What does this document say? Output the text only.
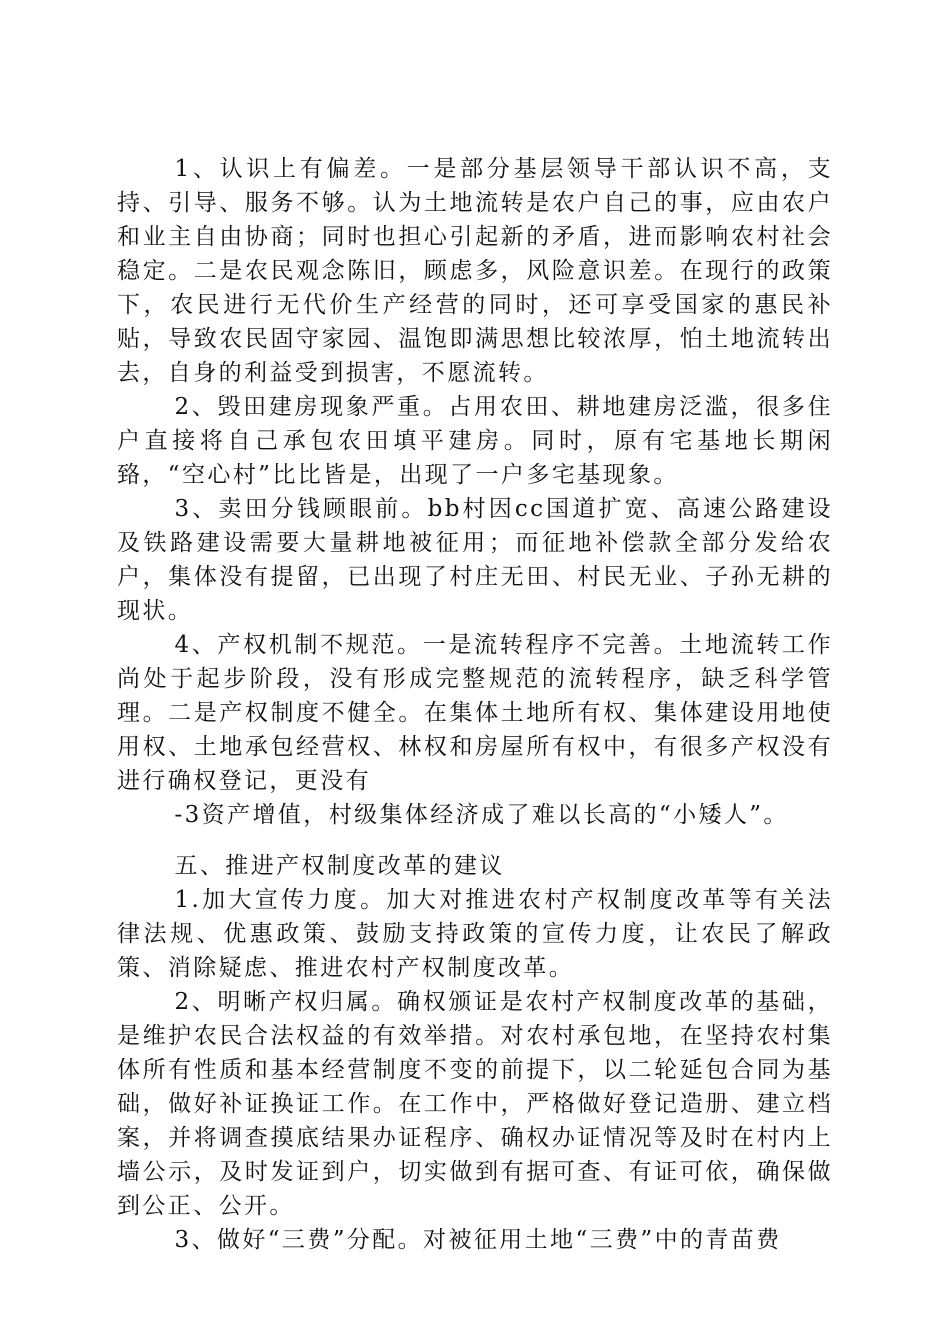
1、认识上有偏差。一是部分基层领导干部认识不高，支持、引导、服务不够。认为土地流转是农户自己的事，应由农户和业主自由协商；同时也担心引起新的矛盾，进而影响农村社会稳定。二是农民观念陈旧，顾虑多，风险意识差。在现行的政策下，农民进行无代价生产经营的同时，还可享受国家的惠民补贴，导致农民固守家园、温饱即满思想比较浓厚，怕土地流转出去，自身的利益受到损害，不愿流转。

2、毁田建房现象严重。占用农田、耕地建房泛滥，很多住户直接将自己承包农田填平建房。同时，原有宅基地长期闲臵，“空心村”比比皆是，出现了一户多宅基现象。

3、卖田分钱顾眼前。bb村因cc国道扩宽、高速公路建设及铁路建设需要大量耕地被征用；而征地补偿款全部分发给农户，集体没有提留，已出现了村庄无田、村民无业、子孙无耕的现状。

4、产权机制不规范。一是流转程序不完善。土地流转工作尚处于起步阶段，没有形成完整规范的流转程序，缺乏科学管理。二是产权制度不健全。在集体土地所有权、集体建设用地使用权、土地承包经营权、林权和房屋所有权中，有很多产权没有进行确权登记，更没有

-3资产增值，村级集体经济成了难以长高的“小矮人”。

五、推进产权制度改革的建议

1.加大宣传力度。加大对推进农村产权制度改革等有关法律法规、优惠政策、鼓励支持政策的宣传力度，让农民了解政策、消除疑虑、推进农村产权制度改革。

2、明晰产权归属。确权颁证是农村产权制度改革的基础，是维护农民合法权益的有效举措。对农村承包地，在坚持农村集体所有性质和基本经营制度不变的前提下，以二轮延包合同为基础，做好补证换证工作。在工作中，严格做好登记造册、建立档案，并将调查摸底结果办证程序、确权办证情况等及时在村内上墙公示，及时发证到户，切实做到有据可查、有证可依，确保做到公正、公开。

3、做好“三费”分配。对被征用土地“三费”中的青苗费
